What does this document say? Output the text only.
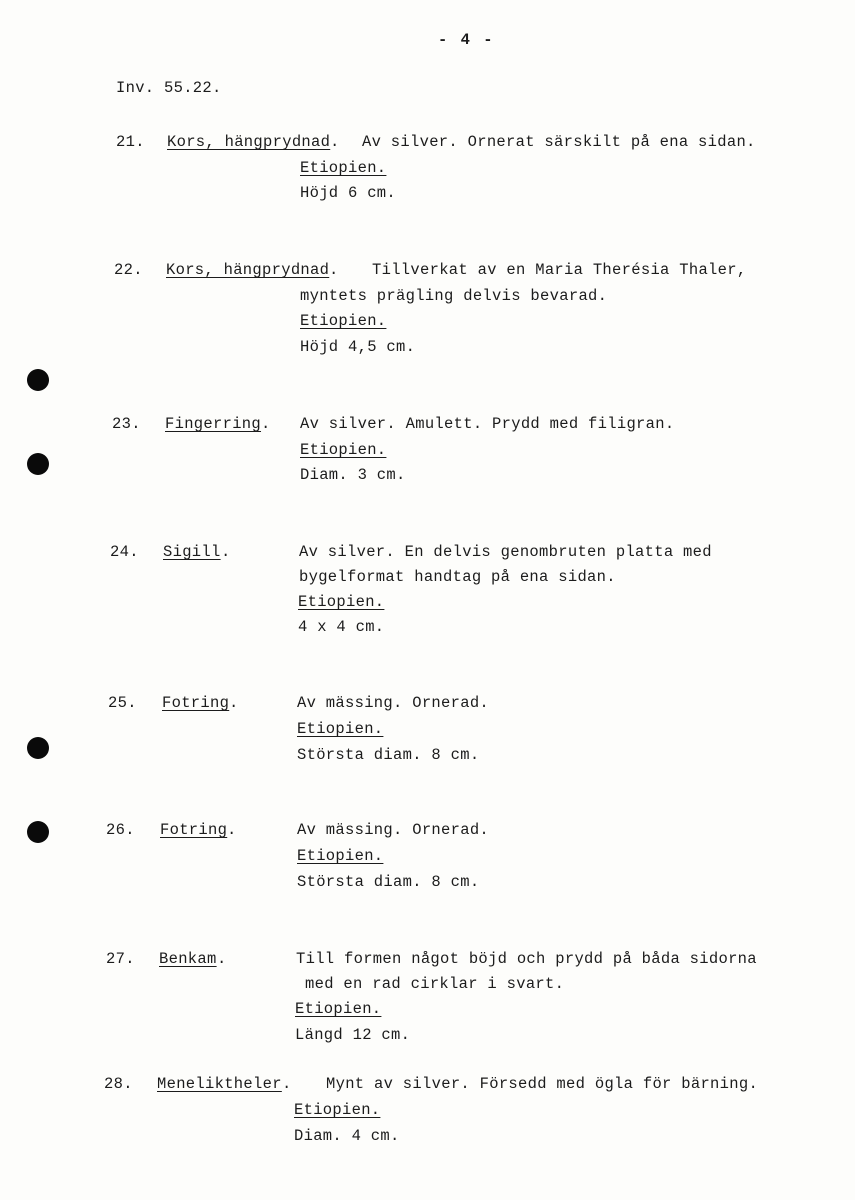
- 4 -
Inv. 55.22.
21. Kors, hängprydnad . Av silver. Ornerat särskilt på ena sidan.
Etiopien.
Höjd 6 cm.
22. Kors, hängprydnad . Tillverkat av en Maria Therésia Thaler,
myntets prägling delvis bevarad.
Etiopien.
Höjd 4,5 cm.
23. Fingerring . Av silver. Amulett. Prydd med filigran.
Etiopien.
Diam. 3 cm.
24. Sigill .	Av silver. En delvis genombruten platta med
bygelformat handtag på ena sidan.
Etiopien.
4 x 4 cm.
25. Fotring .	Av mässing. Ornerad.
Etiopien.
Största diam. 8 cm.
26. Fotring .	Av mässing. Ornerad.
Etiopien.
Största diam. 8 cm.
27. Benkam .	Till formen något böjd och prydd på båda sidorna
med en rad cirklar i svart.
Etiopien.
Längd 12 cm.
28. Meneliktheler . Mynt av silver. Försedd med ögla för bärning.
Etiopien.
Diam. 4 cm.
